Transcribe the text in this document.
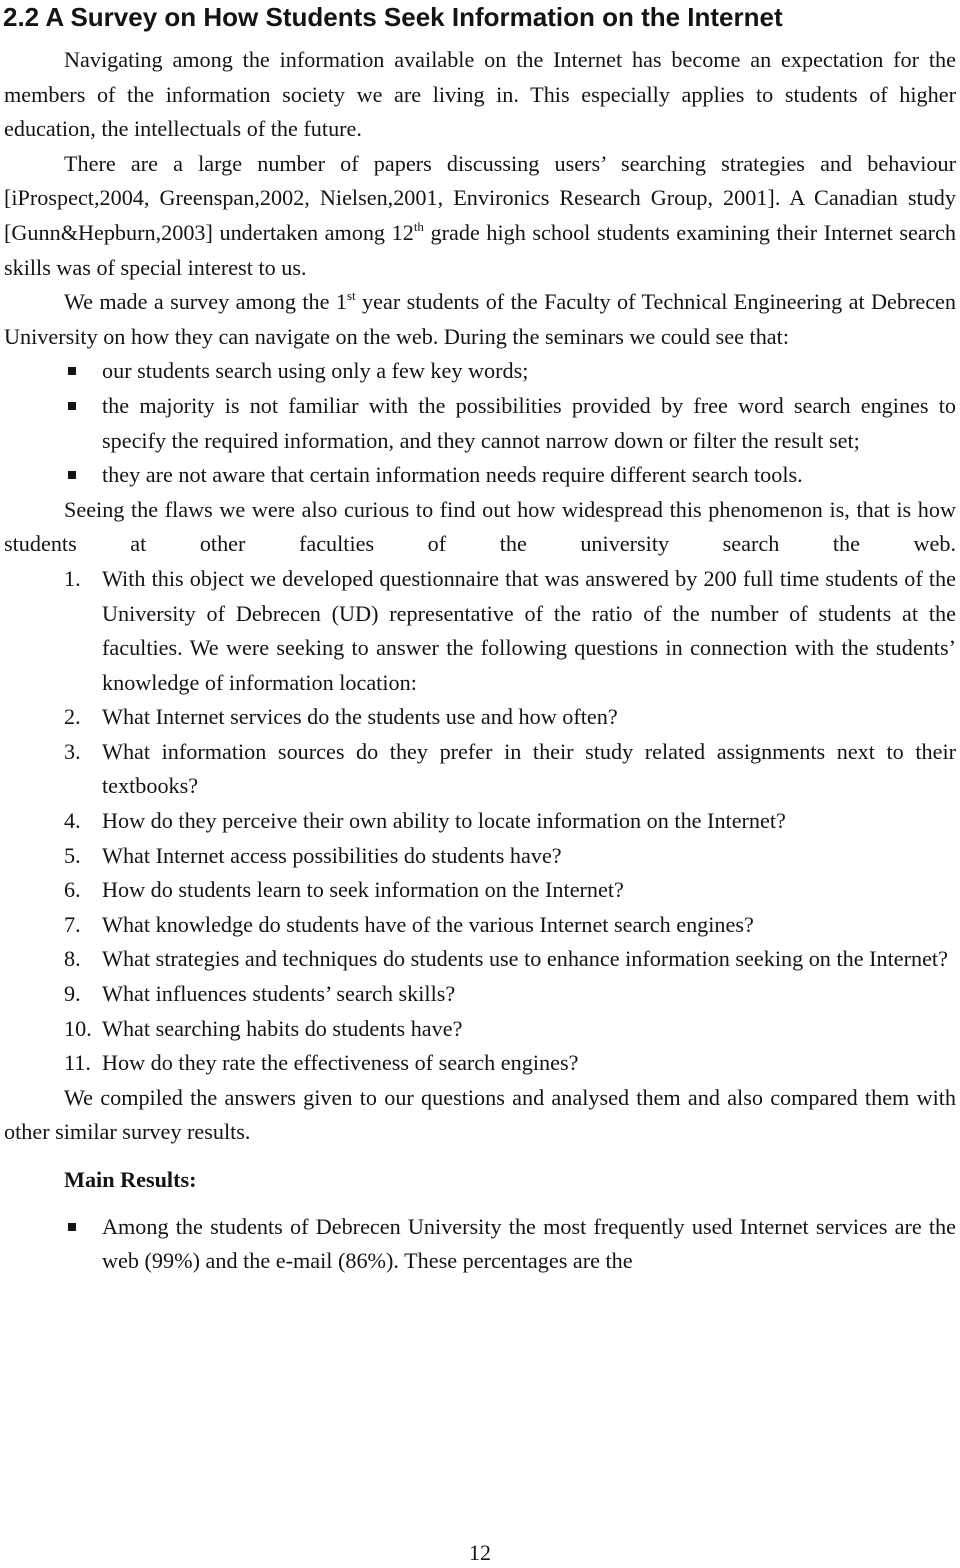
2.2 A Survey on How Students Seek Information on the Internet

Navigating among the information available on the Internet has become an expectation for the members of the information society we are living in. This especially applies to students of higher education, the intellectuals of the future.

There are a large number of papers discussing users’ searching strategies and behaviour [iProspect,2004, Greenspan,2002, Nielsen,2001, Environics Research Group, 2001]. A Canadian study [Gunn&Hepburn,2003] undertaken among 12th grade high school students examining their Internet search skills was of special interest to us.

We made a survey among the 1st year students of the Faculty of Technical Engineering at Debrecen University on how they can navigate on the web. During the seminars we could see that:

our students search using only a few key words;
the majority is not familiar with the possibilities provided by free word search engines to specify the required information, and they cannot narrow down or filter the result set;
they are not aware that certain information needs require different search tools.

Seeing the flaws we were also curious to find out how widespread this phenomenon is, that is how students at other faculties of the university search the web.

1. With this object we developed questionnaire that was answered by 200 full time students of the University of Debrecen (UD) representative of the ratio of the number of students at the faculties. We were seeking to answer the following questions in connection with the students’ knowledge of information location:
2. What Internet services do the students use and how often?
3. What information sources do they prefer in their study related assignments next to their textbooks?
4. How do they perceive their own ability to locate information on the Internet?
5. What Internet access possibilities do students have?
6. How do students learn to seek information on the Internet?
7. What knowledge do students have of the various Internet search engines?
8. What strategies and techniques do students use to enhance information seeking on the Internet?
9. What influences students’ search skills?
10. What searching habits do students have?
11. How do they rate the effectiveness of search engines?

We compiled the answers given to our questions and analysed them and also compared them with other similar survey results.

Main Results:
Among the students of Debrecen University the most frequently used Internet services are the web (99%) and the e-mail (86%). These percentages are the
12
